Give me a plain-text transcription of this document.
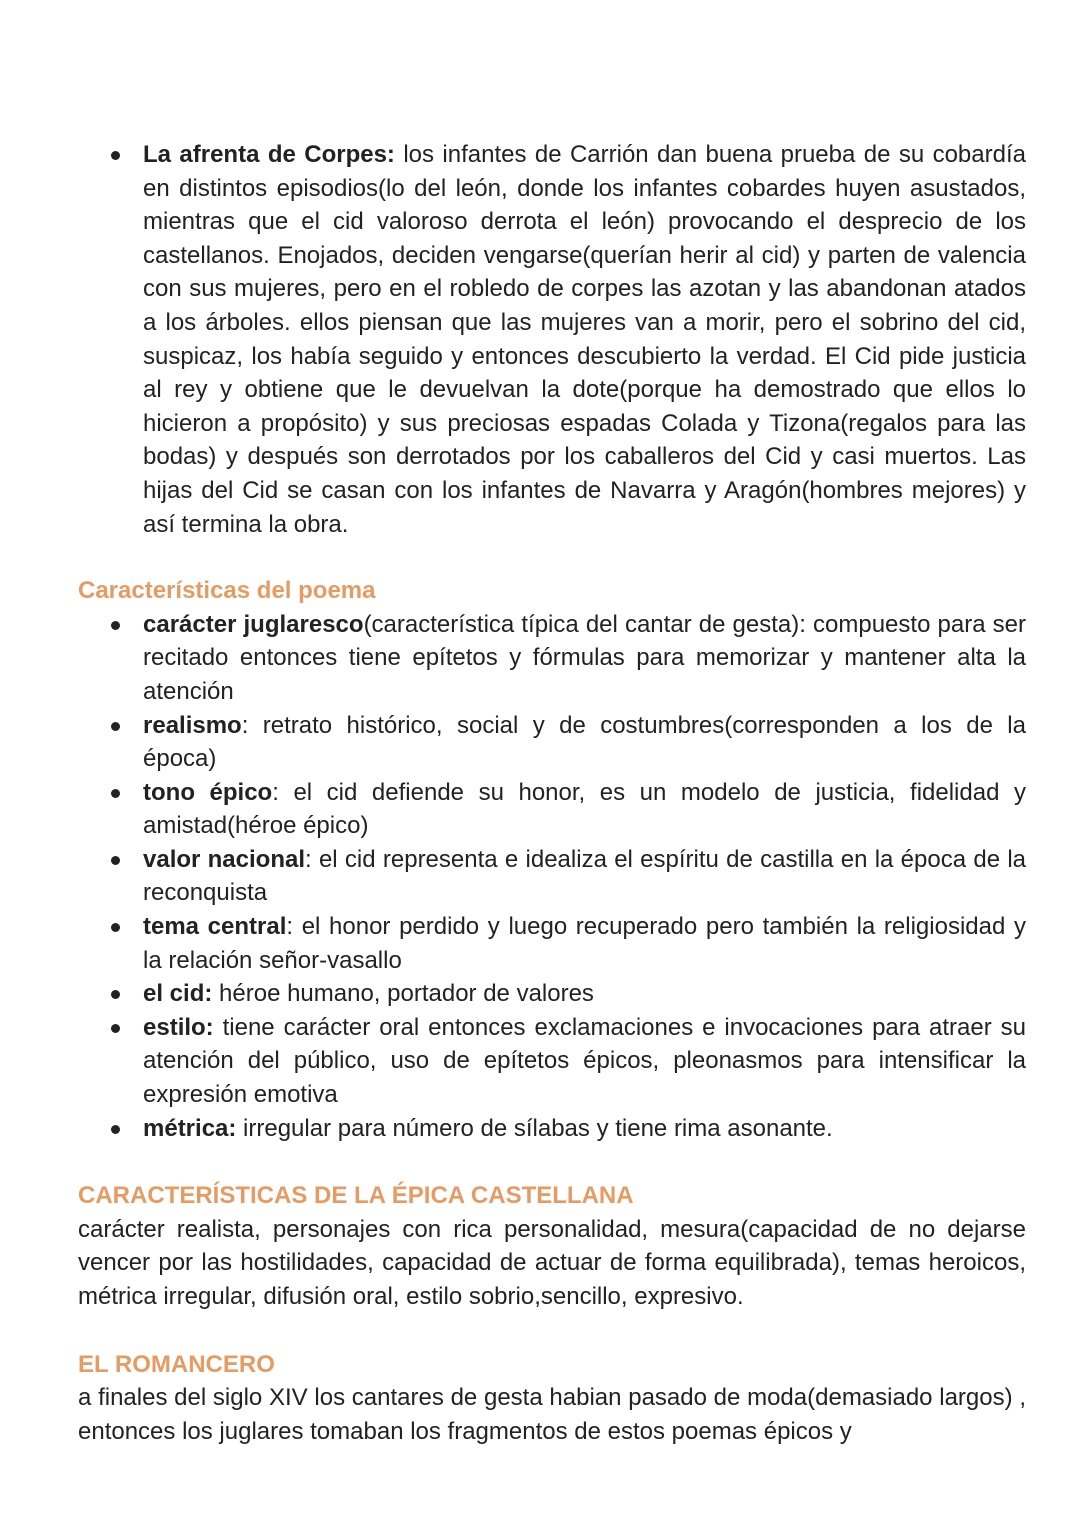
La afrenta de Corpes: los infantes de Carrión dan buena prueba de su cobardía en distintos episodios(lo del león, donde los infantes cobardes huyen asustados, mientras que el cid valoroso derrota el león) provocando el desprecio de los castellanos. Enojados, deciden vengarse(querían herir al cid) y parten de valencia con sus mujeres, pero en el robledo de corpes las azotan y las abandonan atados a los árboles. ellos piensan que las mujeres van a morir, pero el sobrino del cid, suspicaz, los había seguido y entonces descubierto la verdad. El Cid pide justicia al rey y obtiene que le devuelvan la dote(porque ha demostrado que ellos lo hicieron a propósito) y sus preciosas espadas Colada y Tizona(regalos para las bodas) y después son derrotados por los caballeros del Cid y casi muertos. Las hijas del Cid se casan con los infantes de Navarra y Aragón(hombres mejores) y así termina la obra.

Características del poema

carácter juglaresco(característica típica del cantar de gesta): compuesto para ser recitado entonces tiene epítetos y fórmulas para memorizar y mantener alta la atención
realismo: retrato histórico, social y de costumbres(corresponden a los de la época)
tono épico: el cid defiende su honor, es un modelo de justicia, fidelidad y amistad(héroe épico)
valor nacional: el cid representa e idealiza el espíritu de castilla en la época de la reconquista
tema central: el honor perdido y luego recuperado pero también la religiosidad y la relación señor-vasallo
el cid: héroe humano, portador de valores
estilo: tiene carácter oral entonces exclamaciones e invocaciones para atraer su atención del público, uso de epítetos épicos, pleonasmos para intensificar la expresión emotiva
métrica: irregular para número de sílabas y tiene rima asonante.

CARACTERÍSTICAS DE LA ÉPICA CASTELLANA

carácter realista, personajes con rica personalidad, mesura(capacidad de no dejarse vencer por las hostilidades, capacidad de actuar de forma equilibrada), temas heroicos, métrica irregular, difusión oral, estilo sobrio,sencillo, expresivo.

EL ROMANCERO

a finales del siglo XIV los cantares de gesta habian pasado de moda(demasiado largos) , entonces los juglares tomaban los fragmentos de estos poemas épicos y
